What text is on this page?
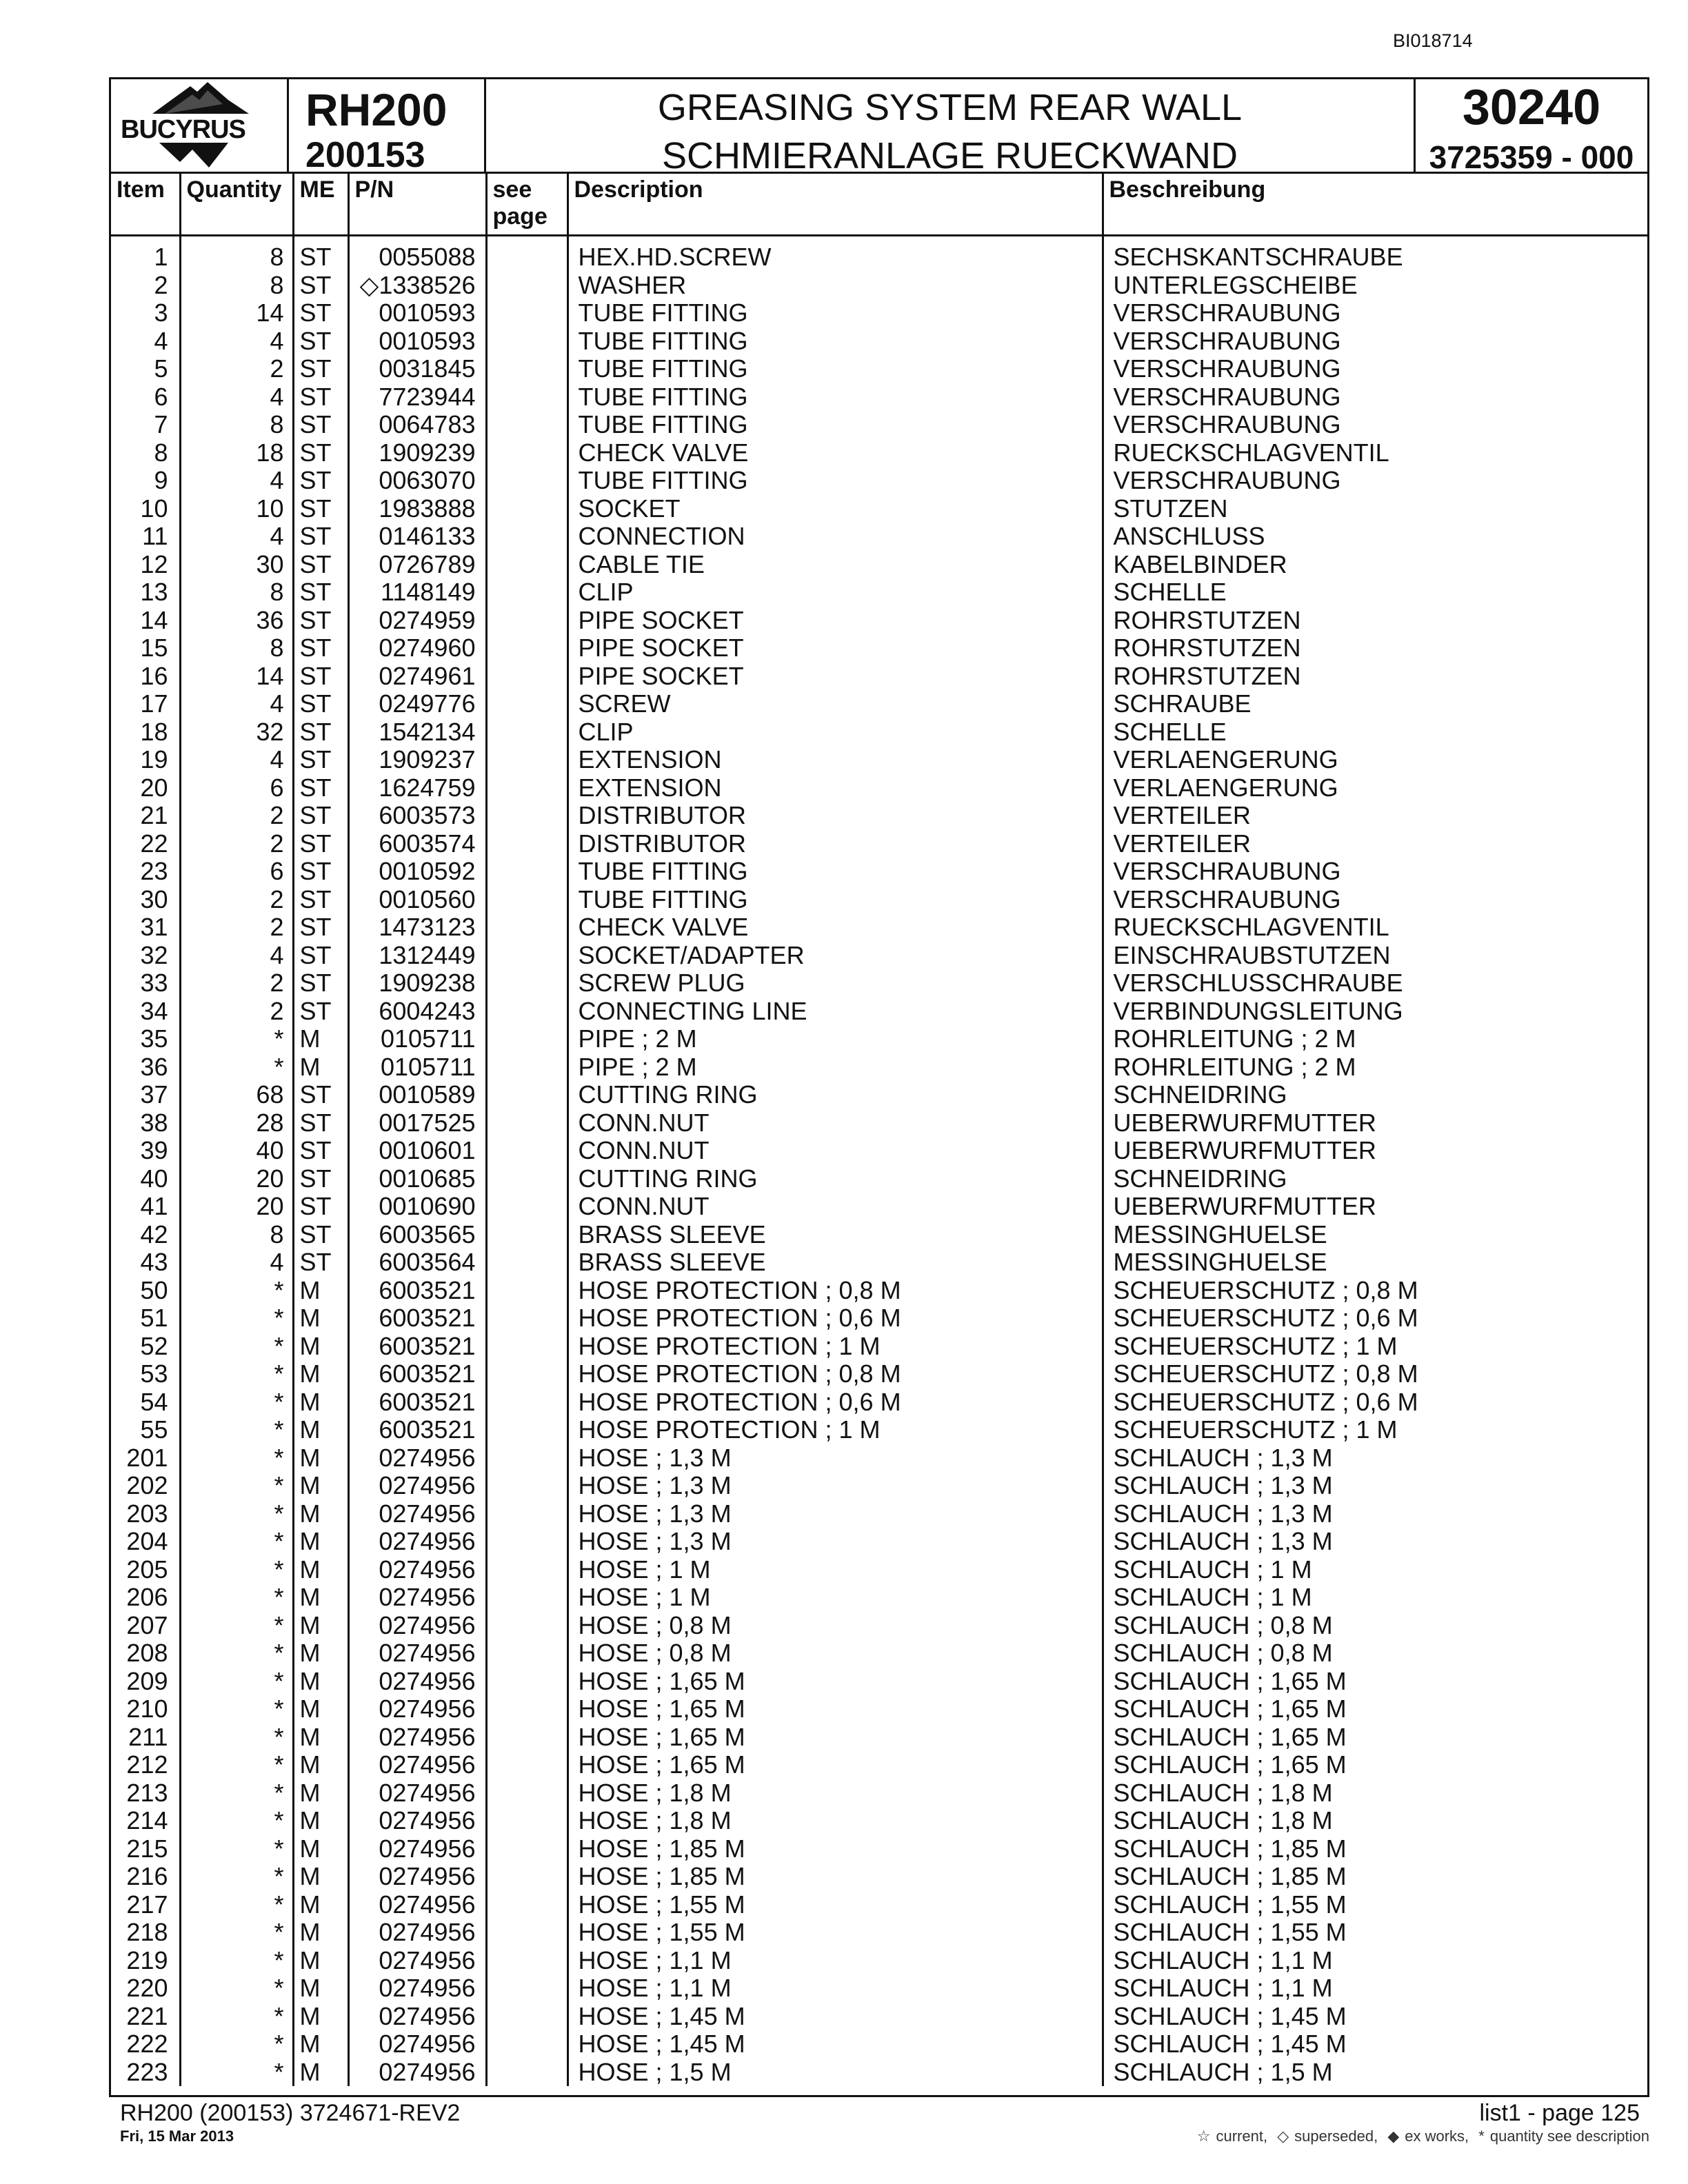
BI018714
BUCYRUS RH200
200153
GREASING SYSTEM REAR WALL
SCHMIERANLAGE RUECKWAND
30240
3725359 - 000
Item	Quantity	ME	P/N	see page	Description	Beschreibung
1	8	ST	0055088		HEX.HD.SCREW	SECHSKANTSCHRAUBE
2	8	ST	◇1338526		WASHER	UNTERLEGSCHEIBE
3	14	ST	0010593		TUBE FITTING	VERSCHRAUBUNG
4	4	ST	0010593		TUBE FITTING	VERSCHRAUBUNG
5	2	ST	0031845		TUBE FITTING	VERSCHRAUBUNG
6	4	ST	7723944		TUBE FITTING	VERSCHRAUBUNG
7	8	ST	0064783		TUBE FITTING	VERSCHRAUBUNG
8	18	ST	1909239		CHECK VALVE	RUECKSCHLAGVENTIL
9	4	ST	0063070		TUBE FITTING	VERSCHRAUBUNG
10	10	ST	1983888		SOCKET	STUTZEN
11	4	ST	0146133		CONNECTION	ANSCHLUSS
12	30	ST	0726789		CABLE TIE	KABELBINDER
13	8	ST	1148149		CLIP	SCHELLE
14	36	ST	0274959		PIPE SOCKET	ROHRSTUTZEN
15	8	ST	0274960		PIPE SOCKET	ROHRSTUTZEN
16	14	ST	0274961		PIPE SOCKET	ROHRSTUTZEN
17	4	ST	0249776		SCREW	SCHRAUBE
18	32	ST	1542134		CLIP	SCHELLE
19	4	ST	1909237		EXTENSION	VERLAENGERUNG
20	6	ST	1624759		EXTENSION	VERLAENGERUNG
21	2	ST	6003573		DISTRIBUTOR	VERTEILER
22	2	ST	6003574		DISTRIBUTOR	VERTEILER
23	6	ST	0010592		TUBE FITTING	VERSCHRAUBUNG
30	2	ST	0010560		TUBE FITTING	VERSCHRAUBUNG
31	2	ST	1473123		CHECK VALVE	RUECKSCHLAGVENTIL
32	4	ST	1312449		SOCKET/ADAPTER	EINSCHRAUBSTUTZEN
33	2	ST	1909238		SCREW PLUG	VERSCHLUSSCHRAUBE
34	2	ST	6004243		CONNECTING LINE	VERBINDUNGSLEITUNG
35	*	M	0105711		PIPE ; 2 M	ROHRLEITUNG ; 2 M
36	*	M	0105711		PIPE ; 2 M	ROHRLEITUNG ; 2 M
37	68	ST	0010589		CUTTING RING	SCHNEIDRING
38	28	ST	0017525		CONN.NUT	UEBERWURFMUTTER
39	40	ST	0010601		CONN.NUT	UEBERWURFMUTTER
40	20	ST	0010685		CUTTING RING	SCHNEIDRING
41	20	ST	0010690		CONN.NUT	UEBERWURFMUTTER
42	8	ST	6003565		BRASS SLEEVE	MESSINGHUELSE
43	4	ST	6003564		BRASS SLEEVE	MESSINGHUELSE
50	*	M	6003521		HOSE PROTECTION ; 0,8 M	SCHEUERSCHUTZ ; 0,8 M
51	*	M	6003521		HOSE PROTECTION ; 0,6 M	SCHEUERSCHUTZ ; 0,6 M
52	*	M	6003521		HOSE PROTECTION ; 1 M	SCHEUERSCHUTZ ; 1 M
53	*	M	6003521		HOSE PROTECTION ; 0,8 M	SCHEUERSCHUTZ ; 0,8 M
54	*	M	6003521		HOSE PROTECTION ; 0,6 M	SCHEUERSCHUTZ ; 0,6 M
55	*	M	6003521		HOSE PROTECTION ; 1 M	SCHEUERSCHUTZ ; 1 M
201	*	M	0274956		HOSE ; 1,3 M	SCHLAUCH ; 1,3 M
202	*	M	0274956		HOSE ; 1,3 M	SCHLAUCH ; 1,3 M
203	*	M	0274956		HOSE ; 1,3 M	SCHLAUCH ; 1,3 M
204	*	M	0274956		HOSE ; 1,3 M	SCHLAUCH ; 1,3 M
205	*	M	0274956		HOSE ; 1 M	SCHLAUCH ; 1 M
206	*	M	0274956		HOSE ; 1 M	SCHLAUCH ; 1 M
207	*	M	0274956		HOSE ; 0,8 M	SCHLAUCH ; 0,8 M
208	*	M	0274956		HOSE ; 0,8 M	SCHLAUCH ; 0,8 M
209	*	M	0274956		HOSE ; 1,65 M	SCHLAUCH ; 1,65 M
210	*	M	0274956		HOSE ; 1,65 M	SCHLAUCH ; 1,65 M
211	*	M	0274956		HOSE ; 1,65 M	SCHLAUCH ; 1,65 M
212	*	M	0274956		HOSE ; 1,65 M	SCHLAUCH ; 1,65 M
213	*	M	0274956		HOSE ; 1,8 M	SCHLAUCH ; 1,8 M
214	*	M	0274956		HOSE ; 1,8 M	SCHLAUCH ; 1,8 M
215	*	M	0274956		HOSE ; 1,85 M	SCHLAUCH ; 1,85 M
216	*	M	0274956		HOSE ; 1,85 M	SCHLAUCH ; 1,85 M
217	*	M	0274956		HOSE ; 1,55 M	SCHLAUCH ; 1,55 M
218	*	M	0274956		HOSE ; 1,55 M	SCHLAUCH ; 1,55 M
219	*	M	0274956		HOSE ; 1,1 M	SCHLAUCH ; 1,1 M
220	*	M	0274956		HOSE ; 1,1 M	SCHLAUCH ; 1,1 M
221	*	M	0274956		HOSE ; 1,45 M	SCHLAUCH ; 1,45 M
222	*	M	0274956		HOSE ; 1,45 M	SCHLAUCH ; 1,45 M
223	*	M	0274956		HOSE ; 1,5 M	SCHLAUCH ; 1,5 M
RH200 (200153) 3724671-REV2
Fri, 15 Mar 2013
list1 - page 125
☆ current, ◇ superseded, ◆ ex works, * quantity see description
